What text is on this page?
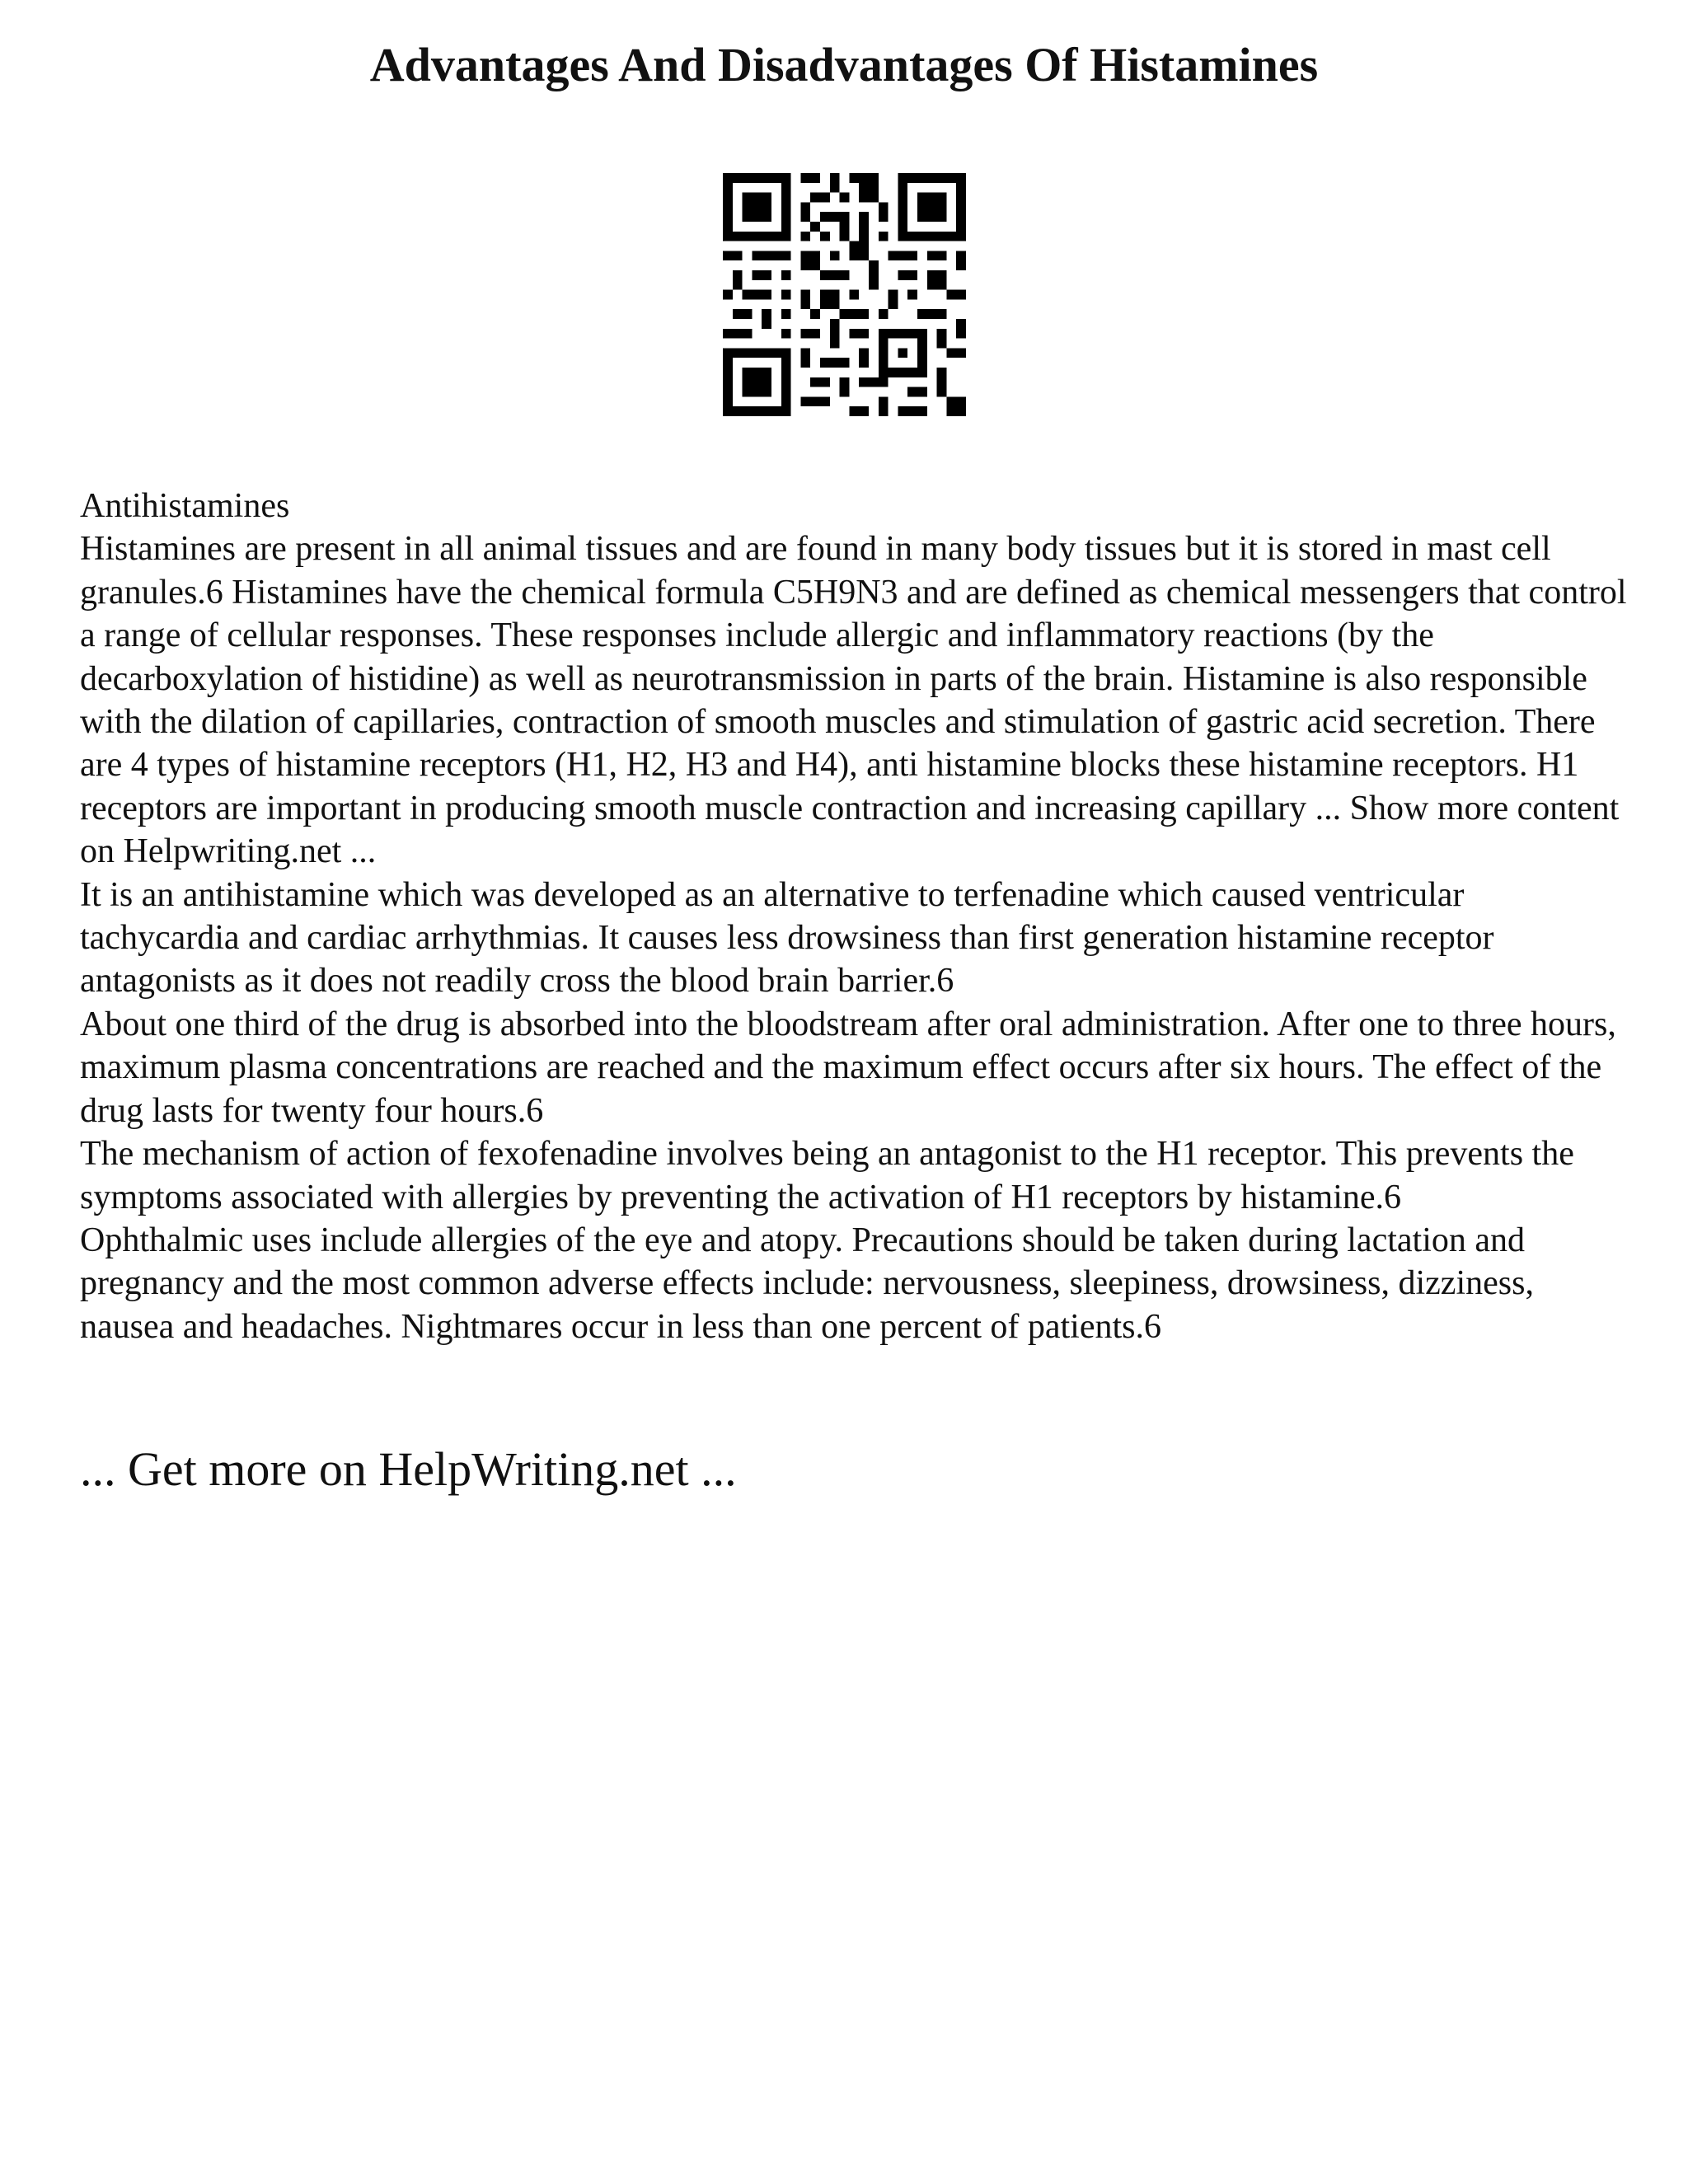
Advantages And Disadvantages Of Histamines

Antihistamines

Histamines are present in all animal tissues and are found in many body tissues but it is stored in mast cell granules.6 Histamines have the chemical formula C5H9N3 and are defined as chemical messengers that control a range of cellular responses. These responses include allergic and inflammatory reactions (by the decarboxylation of histidine) as well as neurotransmission in parts of the brain. Histamine is also responsible with the dilation of capillaries, contraction of smooth muscles and stimulation of gastric acid secretion. There are 4 types of histamine receptors (H1, H2, H3 and H4), anti histamine blocks these histamine receptors. H1 receptors are important in producing smooth muscle contraction and increasing capillary ... Show more content on Helpwriting.net ...

It is an antihistamine which was developed as an alternative to terfenadine which caused ventricular tachycardia and cardiac arrhythmias. It causes less drowsiness than first generation histamine receptor antagonists as it does not readily cross the blood brain barrier.6

About one third of the drug is absorbed into the bloodstream after oral administration. After one to three hours, maximum plasma concentrations are reached and the maximum effect occurs after six hours. The effect of the drug lasts for twenty four hours.6

The mechanism of action of fexofenadine involves being an antagonist to the H1 receptor. This prevents the symptoms associated with allergies by preventing the activation of H1 receptors by histamine.6

Ophthalmic uses include allergies of the eye and atopy. Precautions should be taken during lactation and pregnancy and the most common adverse effects include: nervousness, sleepiness, drowsiness, dizziness, nausea and headaches. Nightmares occur in less than one percent of patients.6

... Get more on HelpWriting.net ...
